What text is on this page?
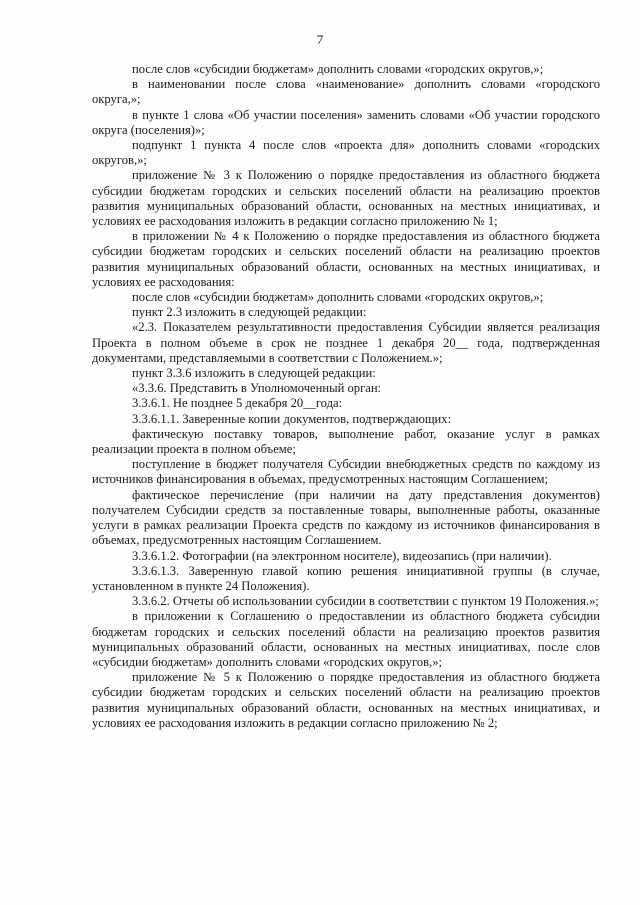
7

после слов «субсидии бюджетам» дополнить словами «городских округов,»;

в наименовании после слова «наименование» дополнить словами «городского округа,»;

в пункте 1 слова «Об участии поселения» заменить словами «Об участии городского округа (поселения)»;

подпункт 1 пункта 4 после слов «проекта для» дополнить словами «городских округов,»;

приложение № 3 к Положению о порядке предоставления из областного бюджета субсидии бюджетам городских и сельских поселений области на реализацию проектов развития муниципальных образований области, основанных на местных инициативах, и условиях ее расходования изложить в редакции согласно приложению № 1;

в приложении № 4 к Положению о порядке предоставления из областного бюджета субсидии бюджетам городских и сельских поселений области на реализацию проектов развития муниципальных образований области, основанных на местных инициативах, и условиях ее расходования:

после слов «субсидии бюджетам» дополнить словами «городских округов,»;

пункт 2.3 изложить в следующей редакции:

«2.3. Показателем результативности предоставления Субсидии является реализация Проекта в полном объеме в срок не позднее 1 декабря 20__ года, подтвержденная документами, представляемыми в соответствии с Положением.»;

пункт 3.3.6 изложить в следующей редакции:

«3.3.6. Представить в Уполномоченный орган:

3.3.6.1. Не позднее 5 декабря 20__года:

3.3.6.1.1. Заверенные копии документов, подтверждающих:

фактическую поставку товаров, выполнение работ, оказание услуг в рамках реализации проекта в полном объеме;

поступление в бюджет получателя Субсидии внебюджетных средств по каждому из источников финансирования в объемах, предусмотренных настоящим Соглашением;

фактическое перечисление (при наличии на дату представления документов) получателем Субсидии средств за поставленные товары, выполненные работы, оказанные услуги в рамках реализации Проекта средств по каждому из источников финансирования в объемах, предусмотренных настоящим Соглашением.

3.3.6.1.2. Фотографии (на электронном носителе), видеозапись (при наличии).

3.3.6.1.3. Заверенную главой копию решения инициативной группы (в случае, установленном в пункте 24 Положения).

3.3.6.2. Отчеты об использовании субсидии в соответствии с пунктом 19 Положения.»;

в приложении к Соглашению о предоставлении из областного бюджета субсидии бюджетам городских и сельских поселений области на реализацию проектов развития муниципальных образований области, основанных на местных инициативах, после слов «субсидии бюджетам» дополнить словами «городских округов,»;

приложение № 5 к Положению о порядке предоставления из областного бюджета субсидии бюджетам городских и сельских поселений области на реализацию проектов развития муниципальных образований области, основанных на местных инициативах, и условиях ее расходования изложить в редакции согласно приложению № 2;
